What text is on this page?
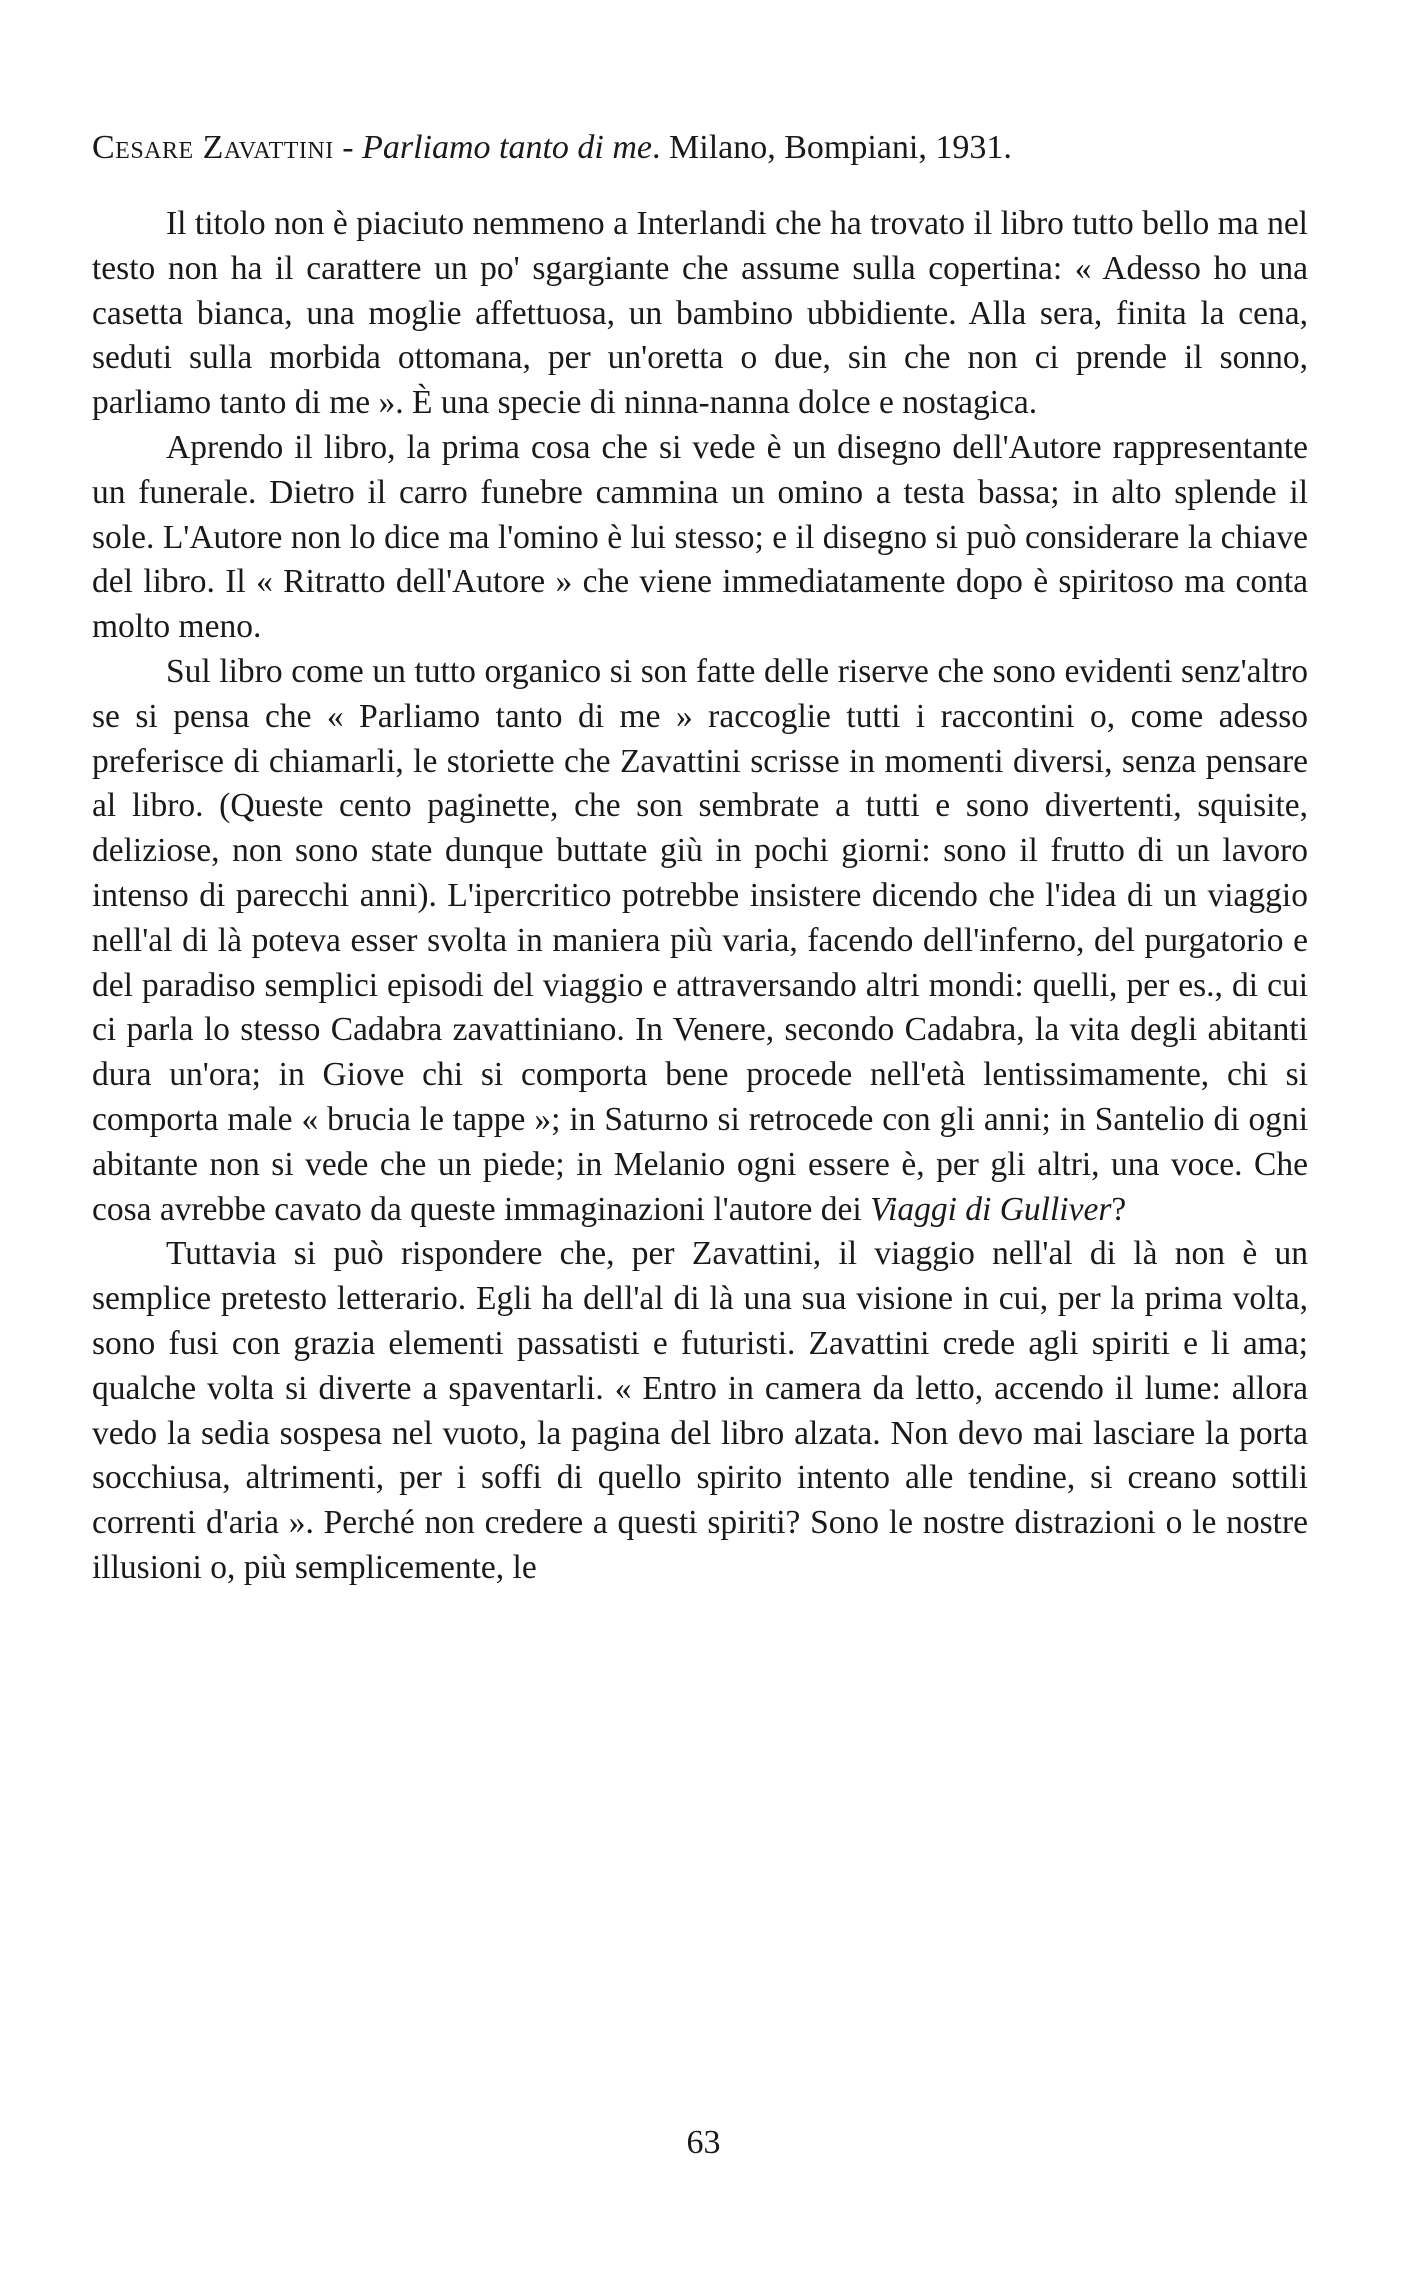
Cesare Zavattini - Parliamo tanto di me. Milano, Bompiani, 1931.

Il titolo non è piaciuto nemmeno a Interlandi che ha trovato il libro tutto bello ma nel testo non ha il carattere un po' sgargiante che assume sulla copertina: « Adesso ho una casetta bianca, una moglie affettuosa, un bambino ubbidiente. Alla sera, finita la cena, seduti sulla morbida ottomana, per un'oretta o due, sin che non ci prende il sonno, parliamo tanto di me ». È una specie di ninna-nanna dolce e nostagica.

Aprendo il libro, la prima cosa che si vede è un disegno dell'Autore rappresentante un funerale. Dietro il carro funebre cammina un omino a testa bassa; in alto splende il sole. L'Autore non lo dice ma l'omino è lui stesso; e il disegno si può considerare la chiave del libro. Il « Ritratto dell'Autore » che viene immediatamente dopo è spiritoso ma conta molto meno.

Sul libro come un tutto organico si son fatte delle riserve che sono evidenti senz'altro se si pensa che « Parliamo tanto di me » raccoglie tutti i raccontini o, come adesso preferisce di chiamarli, le storiette che Zavattini scrisse in momenti diversi, senza pensare al libro. (Queste cento paginette, che son sembrate a tutti e sono divertenti, squisite, deliziose, non sono state dunque buttate giù in pochi giorni: sono il frutto di un lavoro intenso di parecchi anni). L'ipercritico potrebbe insistere dicendo che l'idea di un viaggio nell'al di là poteva esser svolta in maniera più varia, facendo dell'inferno, del purgatorio e del paradiso semplici episodi del viaggio e attraversando altri mondi: quelli, per es., di cui ci parla lo stesso Cadabra zavattiniano. In Venere, secondo Cadabra, la vita degli abitanti dura un'ora; in Giove chi si comporta bene procede nell'età lentissimamente, chi si comporta male « brucia le tappe »; in Saturno si retrocede con gli anni; in Santelio di ogni abitante non si vede che un piede; in Melanio ogni essere è, per gli altri, una voce. Che cosa avrebbe cavato da queste immaginazioni l'autore dei Viaggi di Gulliver?

Tuttavia si può rispondere che, per Zavattini, il viaggio nell'al di là non è un semplice pretesto letterario. Egli ha dell'al di là una sua visione in cui, per la prima volta, sono fusi con grazia elementi passatisti e futuristi. Zavattini crede agli spiriti e li ama; qualche volta si diverte a spaventarli. « Entro in camera da letto, accendo il lume: allora vedo la sedia sospesa nel vuoto, la pagina del libro alzata. Non devo mai lasciare la porta socchiusa, altrimenti, per i soffi di quello spirito intento alle tendine, si creano sottili correnti d'aria ». Perché non credere a questi spiriti? Sono le nostre distrazioni o le nostre illusioni o, più semplicemente, le

63
